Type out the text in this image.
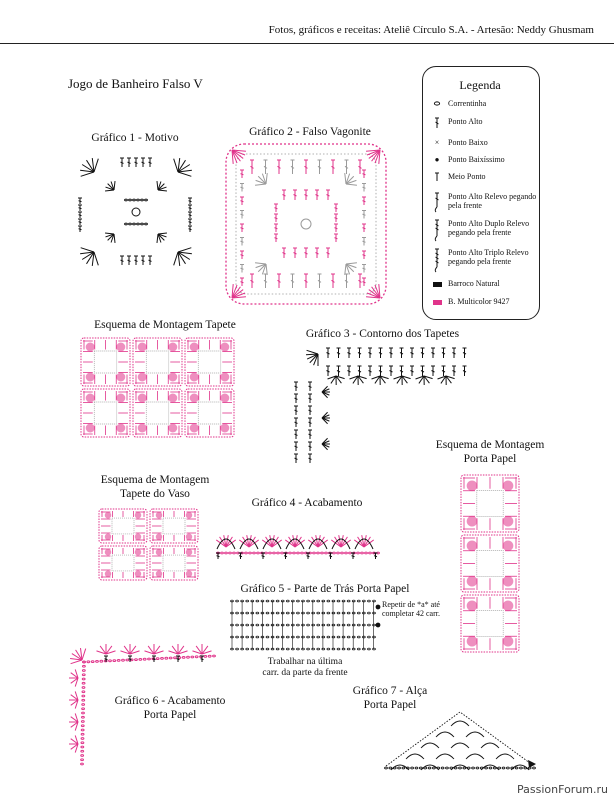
Fotos, gráficos e receitas: Ateliê Círculo S.A. - Artesão: Neddy Ghusmam
Jogo de Banheiro Falso V	Legenda
Correntinha
Ponto Alto
× Ponto Baixo
● Ponto Baixíssimo
Meio Ponto
Ponto Alto Relevo pegando pela frente
Ponto Alto Duplo Relevo pegando pela frente
Ponto Alto Triplo Relevo pegando pela frente
Barroco Natural
B. Multicolor 9427
Gráfico 1 - Motivo	Gráfico 2 - Falso Vagonite
Esquema de Montagem Tapete
Gráfico 3 - Contorno dos Tapetes
Esquema de Montagem
Porta Papel
Esquema de Montagem
Tapete do Vaso
Gráfico 4 - Acabamento
Gráfico 5 - Parte de Trás Porta Papel
Repetir de *a* até
completar 42 carr.
Trabalhar na última
carr. da parte da frente
Gráfico 6 - Acabamento
Porta Papel
Gráfico 7 - Alça
Porta Papel
PassionForum.ru
